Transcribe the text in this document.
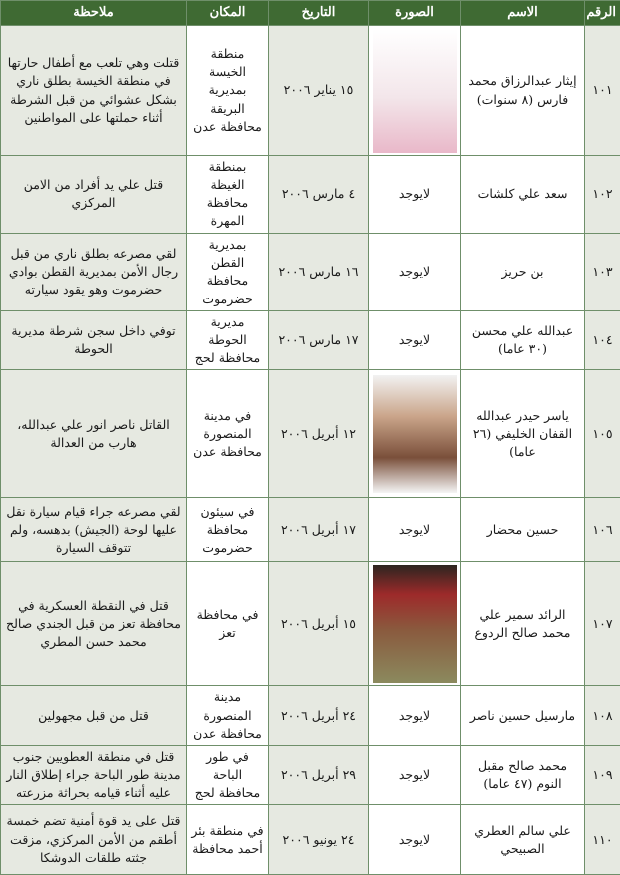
الرقم	الاسم	الصورة	التاريخ	المكان	ملاحظة
١٠١	إيثار عبدالرزاق محمد فارس (٨ سنوات)		١٥ يناير ٢٠٠٦	منطقة الخيسة بمديرية البريقة محافظة عدن	قتلت وهي تلعب مع أطفال حارتها في منطقة الخيسة بطلق ناري بشكل عشوائي من قبل الشرطة أثناء حملتها على المواطنين
١٠٢	سعد علي كلشات	لايوجد	٤ مارس ٢٠٠٦	بمنطقة الغيظة محافظة المهرة	قتل علي يد أفراد من الامن المركزي
١٠٣	بن حريز	لايوجد	١٦ مارس ٢٠٠٦	بمديرية القطن محافظة حضرموت	لقي مصرعه بطلق ناري من قبل رجال الأمن بمديرية القطن بوادي حضرموت وهو يقود سيارته
١٠٤	عبدالله علي محسن (٣٠ عاما)	لايوجد	١٧ مارس ٢٠٠٦	مديرية الحوطة محافظة لحج	توفي داخل سجن شرطة مديرية الحوطة
١٠٥	ياسر حيدر عبدالله القفان الخليفي (٢٦ عاما)		١٢ أبريل ٢٠٠٦	في مدينة المنصورة محافظة عدن	القاتل ناصر انور علي عبدالله، هارب من العدالة
١٠٦	حسين محضار	لايوجد	١٧ أبريل ٢٠٠٦	في سيئون محافظة حضرموت	لقي مصرعه جراء قيام سيارة نقل عليها لوحة (الجيش) بدهسه، ولم تتوقف السيارة
١٠٧	الرائد سمير علي محمد صالح الردوع		١٥ أبريل ٢٠٠٦	في محافظة تعز	قتل في النقطة العسكرية في محافظة تعز من قبل الجندي صالح محمد حسن المطري
١٠٨	مارسيل حسين ناصر	لايوجد	٢٤ أبريل ٢٠٠٦	مدينة المنصورة محافظة عدن	قتل من قبل مجهولين
١٠٩	محمد صالح مقبل النوم (٤٧ عاما)	لايوجد	٢٩ أبريل ٢٠٠٦	في طور الباحة محافظة لحج	قتل في منطقة العطويين جنوب مدينة طور الباحة جراء إطلاق النار عليه أثناء قيامه بحراثة مزرعته
١١٠	علي سالم العطري الصبيحي	لايوجد	٢٤ يونيو ٢٠٠٦	في منطقة بئر أحمد محافظة	قتل على يد قوة أمنية تضم خمسة أطقم من الأمن المركزي، مزقت جثته طلقات الدوشكا
